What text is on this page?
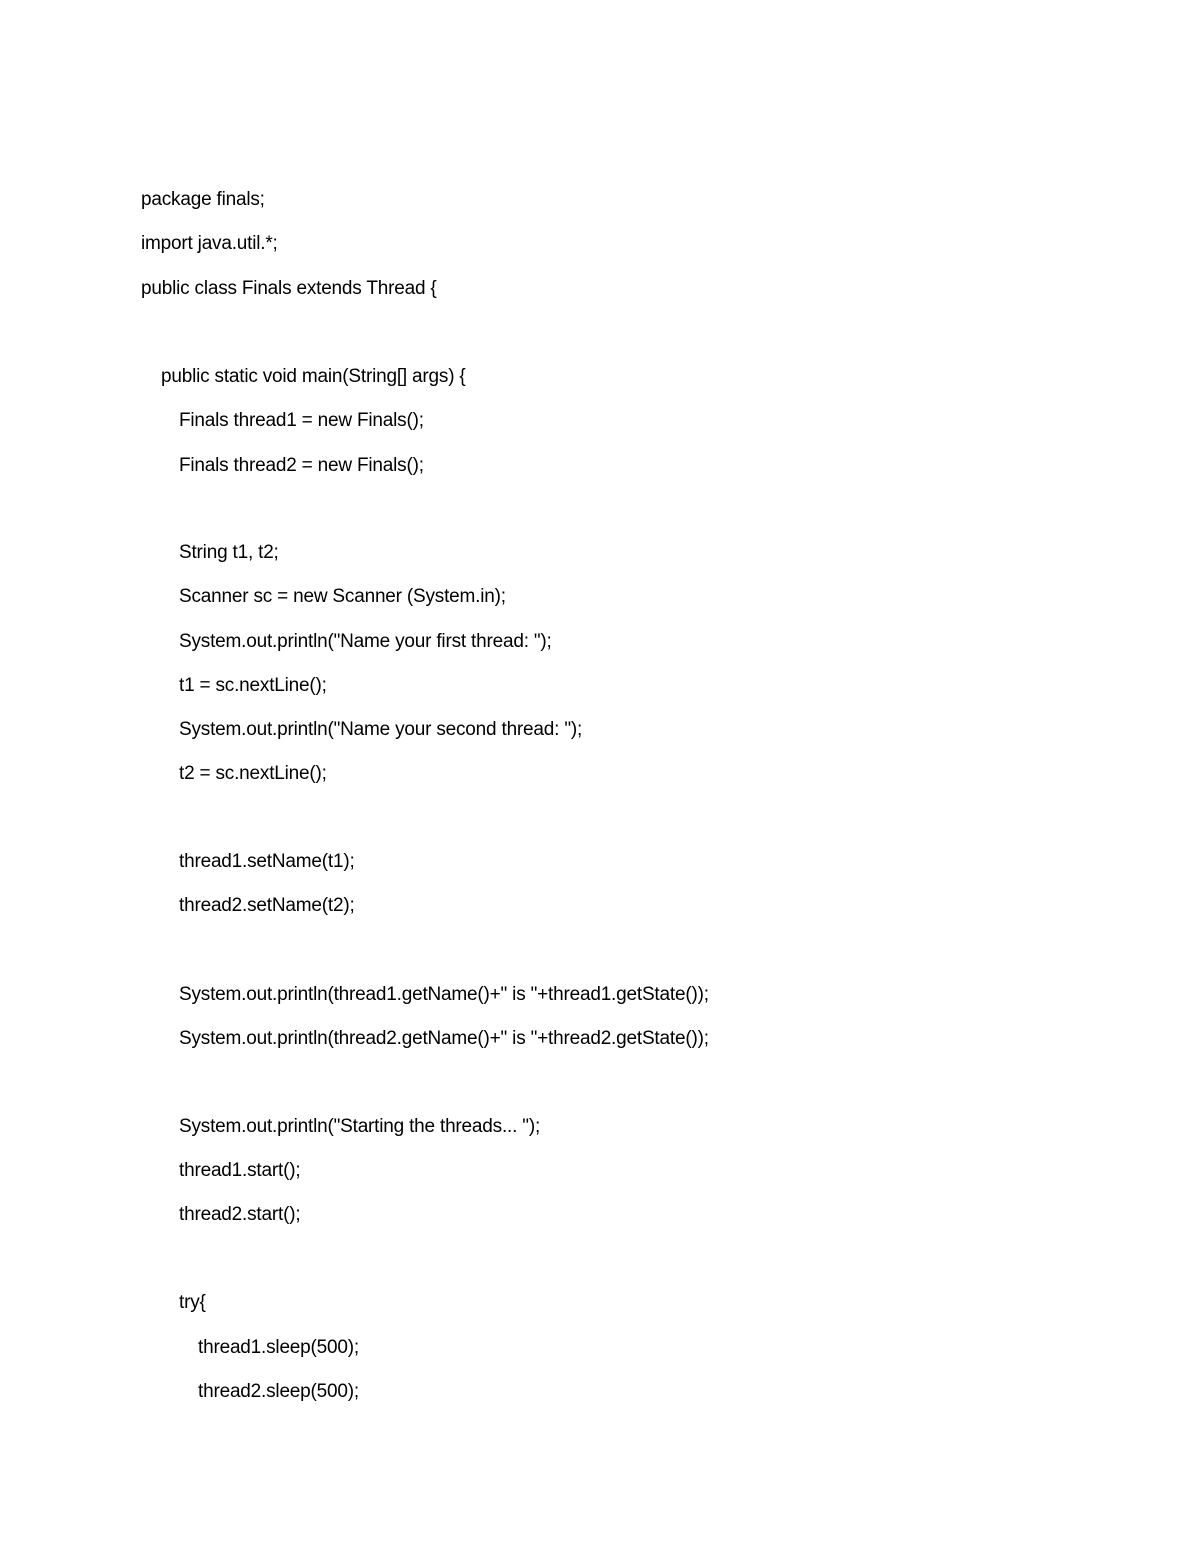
package finals;
import java.util.*;
public class Finals extends Thread {
public static void main(String[] args) {
Finals thread1 = new Finals();
Finals thread2 = new Finals();
String t1, t2;
Scanner sc = new Scanner (System.in);
System.out.println("Name your first thread: ");
t1 = sc.nextLine();
System.out.println("Name your second thread: ");
t2 = sc.nextLine();
thread1.setName(t1);
thread2.setName(t2);
System.out.println(thread1.getName()+" is "+thread1.getState());
System.out.println(thread2.getName()+" is "+thread2.getState());
System.out.println("Starting the threads... ");
thread1.start();
thread2.start();
try{
thread1.sleep(500);
thread2.sleep(500);
